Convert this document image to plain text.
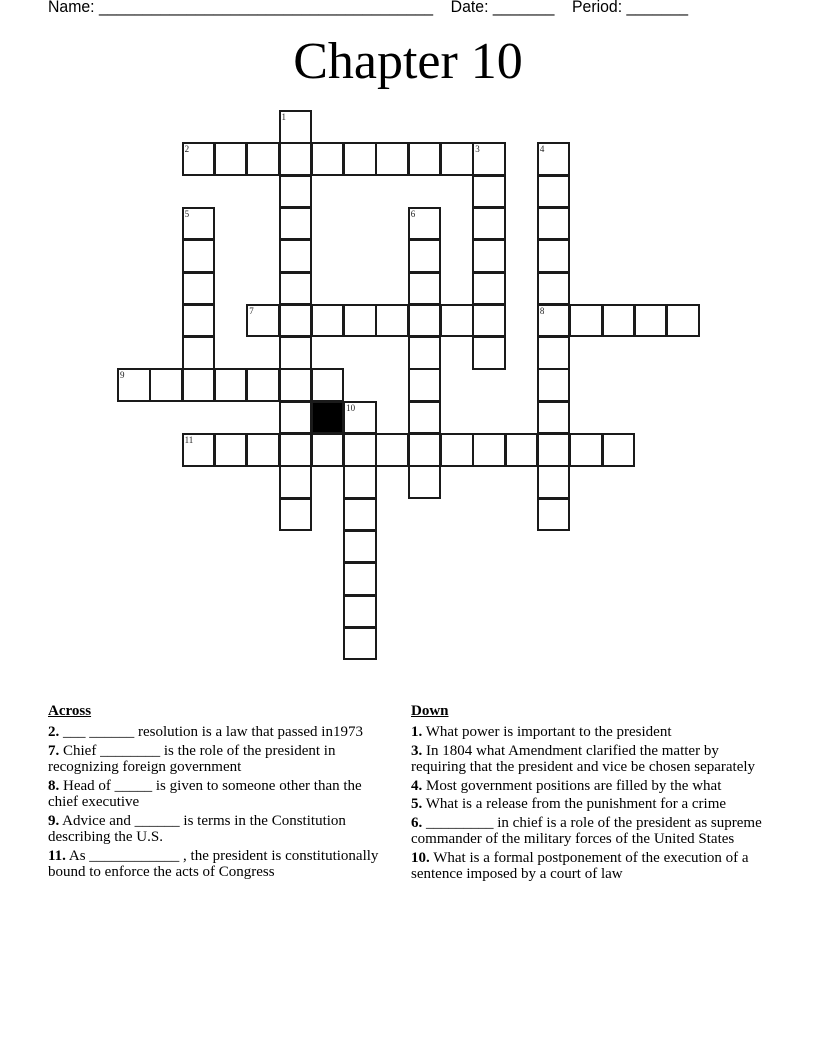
Name: ______________________________________    Date: _______    Period: _______
Chapter 10
1
2	3	4
8
5	6
7
9
10
11
Across
2. ___ ______ resolution is a law that passed in1973
7. Chief ________ is the role of the president in recognizing foreign government
8. Head of _____ is given to someone other than the chief executive
9. Advice and ______ is terms in the Constitution describing the U.S.
11. As ____________ , the president is constitutionally bound to enforce the acts of Congress
Down
1. What power is important to the president
3. In 1804 what Amendment clarified the matter by requiring that the president and vice be chosen separately
4. Most government positions are filled by the what
5. What is a release from the punishment for a crime
6. _________ in chief is a role of the president as supreme commander of the military forces of the United States
10. What is a formal postponement of the execution of a sentence imposed by a court of law
